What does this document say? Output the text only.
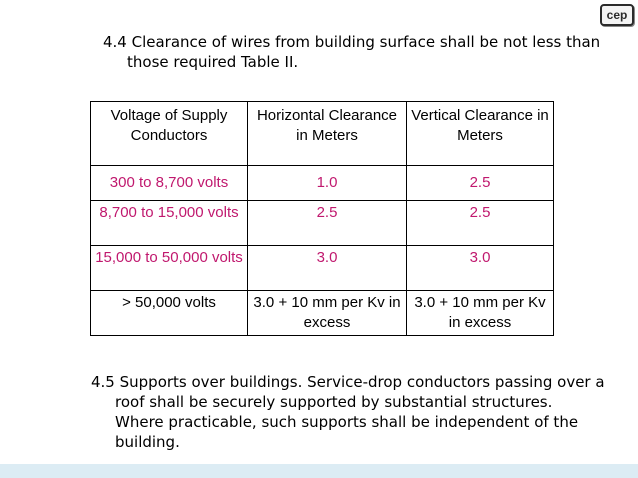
cep

4.4 Clearance of wires from building surface shall be not less than
those required Table II.

Voltage of Supply Conductors	Horizontal Clearance in Meters	Vertical Clearance in Meters
300 to 8,700 volts	1.0	2.5
8,700 to 15,000 volts	2.5	2.5
15,000 to 50,000 volts	3.0	3.0
> 50,000 volts	3.0 + 10 mm per Kv in excess	3.0 + 10 mm per Kv in excess

4.5 Supports over buildings. Service-drop conductors passing over a
roof shall be securely supported by substantial structures.
Where practicable, such supports shall be independent of the
building.
